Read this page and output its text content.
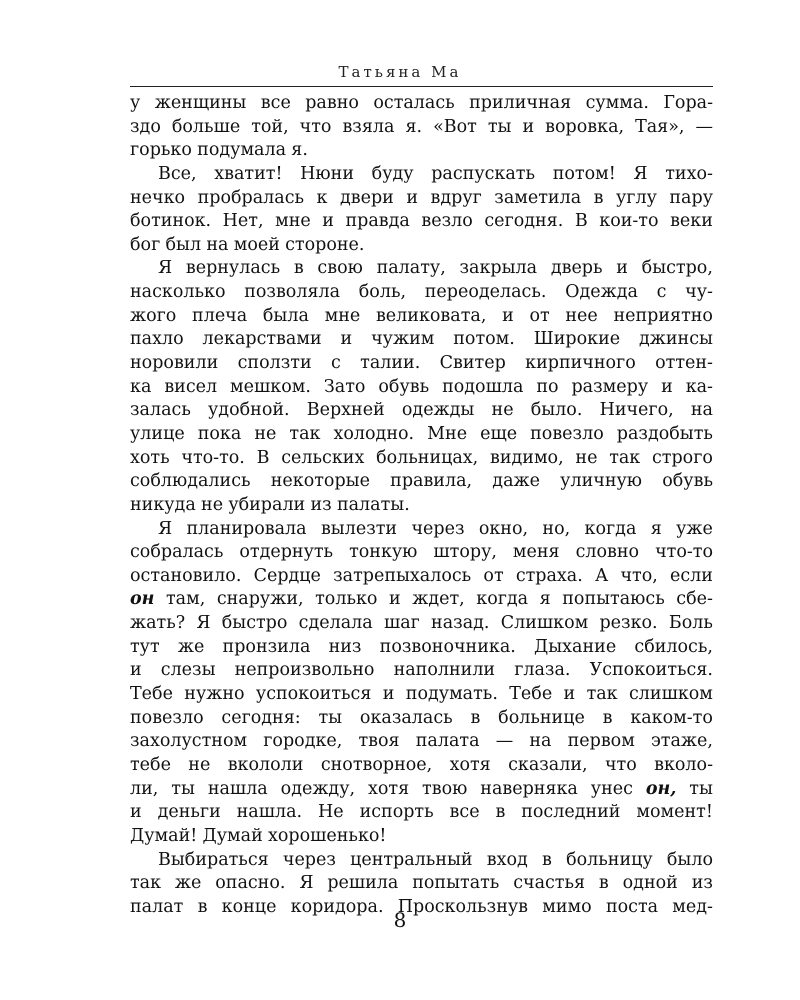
Татьяна Ма
у женщины все равно осталась приличная сумма. Гора-
здо больше той, что взяла я. «Вот ты и воровка, Тая», —
горько подумала я.
Все, хватит! Нюни буду распускать потом! Я тихо-
нечко пробралась к двери и вдруг заметила в углу пару
ботинок. Нет, мне и правда везло сегодня. В кои-то веки
бог был на моей стороне.
Я вернулась в свою палату, закрыла дверь и быстро,
насколько позволяла боль, переоделась. Одежда с чу-
жого плеча была мне великовата, и от нее неприятно
пахло лекарствами и чужим потом. Широкие джинсы
норовили сползти с талии. Свитер кирпичного оттен-
ка висел мешком. Зато обувь подошла по размеру и ка-
залась удобной. Верхней одежды не было. Ничего, на
улице пока не так холодно. Мне еще повезло раздобыть
хоть что-то. В сельских больницах, видимо, не так строго
соблюдались некоторые правила, даже уличную обувь
никуда не убирали из палаты.
Я планировала вылезти через окно, но, когда я уже
собралась отдернуть тонкую штору, меня словно что-то
остановило. Сердце затрепыхалось от страха. А что, если
он там, снаружи, только и ждет, когда я попытаюсь сбе-
жать? Я быстро сделала шаг назад. Слишком резко. Боль
тут же пронзила низ позвоночника. Дыхание сбилось,
и слезы непроизвольно наполнили глаза. Успокоиться.
Тебе нужно успокоиться и подумать. Тебе и так слишком
повезло сегодня: ты оказалась в больнице в каком-то
захолустном городке, твоя палата — на первом этаже,
тебе не вкололи снотворное, хотя сказали, что вколо-
ли, ты нашла одежду, хотя твою наверняка унес он, ты
и деньги нашла. Не испорть все в последний момент!
Думай! Думай хорошенько!
Выбираться через центральный вход в больницу было
так же опасно. Я решила попытать счастья в одной из
палат в конце коридора. Проскользнув мимо поста мед-
8
